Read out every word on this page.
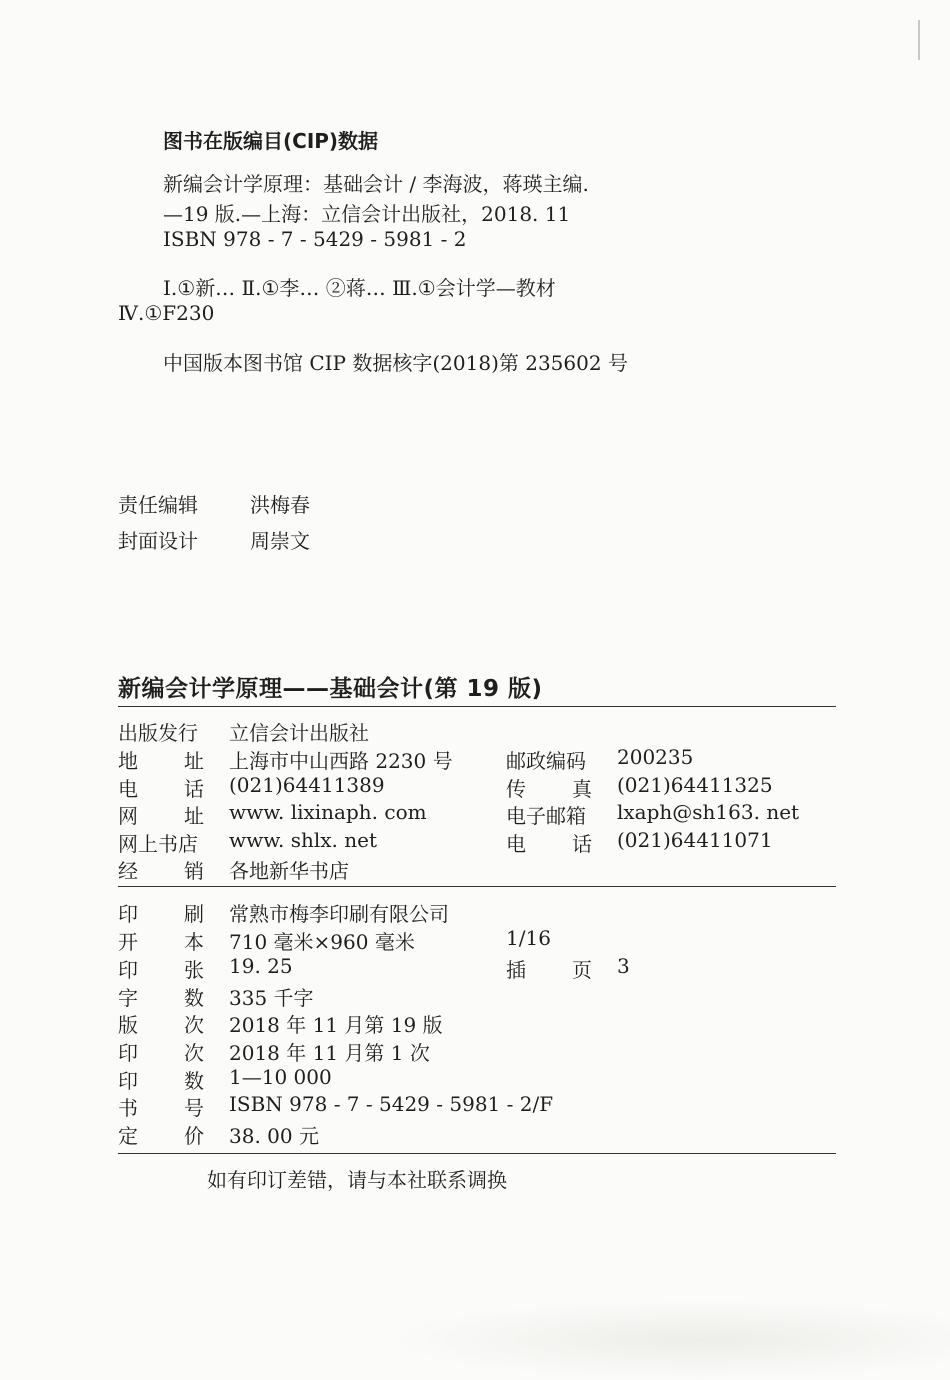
图书在版编目(CIP)数据
新编会计学原理：基础会计 / 李海波，蒋瑛主编.
—19 版.—上海：立信会计出版社，2018. 11
ISBN 978 - 7 - 5429 - 5981 - 2
Ⅰ.①新… Ⅱ.①李… ②蒋… Ⅲ.①会计学—教材
Ⅳ.①F230
中国版本图书馆 CIP 数据核字(2018)第 235602 号
责任编辑	洪梅春
封面设计	周崇文
新编会计学原理——基础会计(第 19 版)
出版发行 立信会计出版社
地 址 上海市中山西路 2230 号	邮政编码 200235
电 话 (021)64411389	传 真 (021)64411325
网 址 www. lixinaph. com	电子邮箱 lxaph@sh163. net
网上书店 www. shlx. net	电 话 (021)64411071
经 销 各地新华书店
印 刷 常熟市梅李印刷有限公司
开 本 710 毫米×960 毫米	1/16
印 张 19. 25	插 页 3
字 数 335 千字
版 次 2018 年 11 月第 19 版
印 次 2018 年 11 月第 1 次
印 数 1—10 000
书 号 ISBN 978 - 7 - 5429 - 5981 - 2/F
定 价 38. 00 元
如有印订差错，请与本社联系调换
